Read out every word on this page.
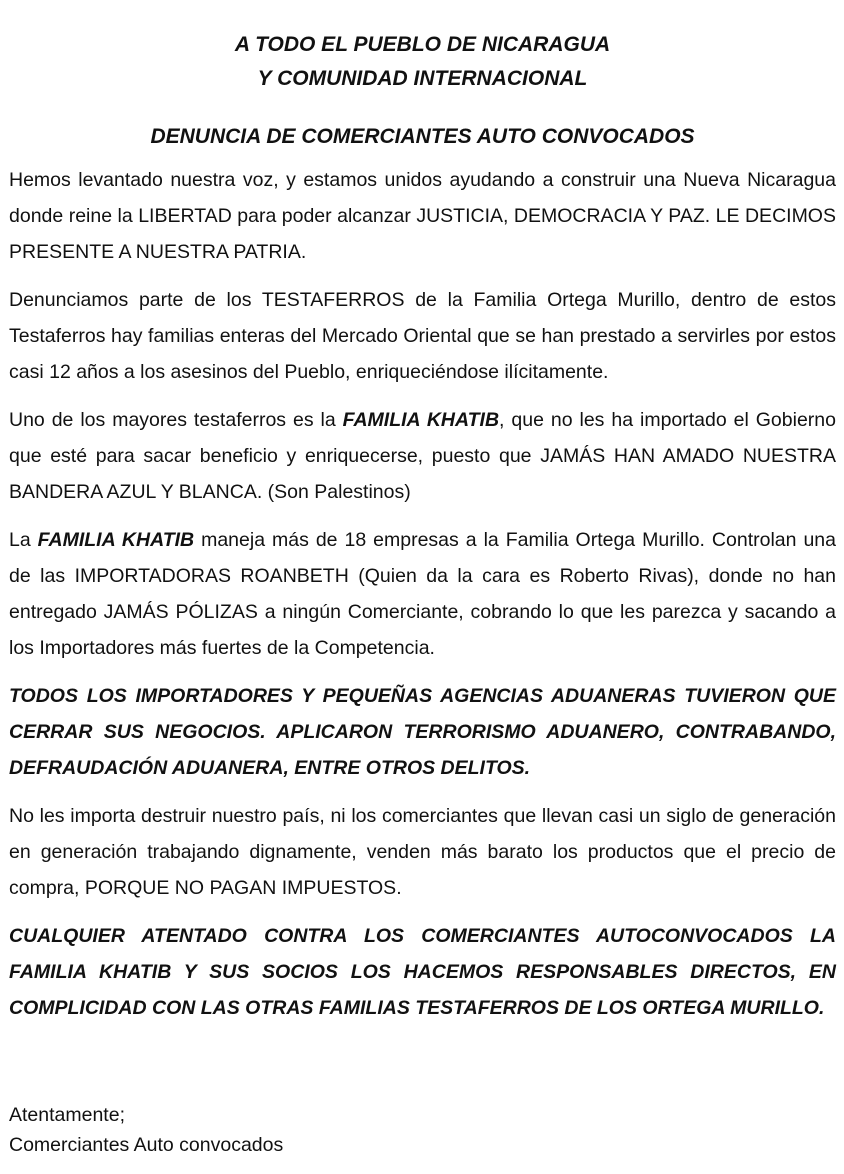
A TODO EL PUEBLO DE NICARAGUA
Y COMUNIDAD INTERNACIONAL
DENUNCIA DE COMERCIANTES AUTO CONVOCADOS

Hemos levantado nuestra voz, y estamos unidos ayudando a construir una Nueva Nicaragua donde reine la LIBERTAD para poder alcanzar JUSTICIA, DEMOCRACIA Y PAZ. LE DECIMOS PRESENTE A NUESTRA PATRIA.

Denunciamos parte de los TESTAFERROS de la Familia Ortega Murillo, dentro de estos Testaferros hay familias enteras del Mercado Oriental que se han prestado a servirles por estos casi 12 años a los asesinos del Pueblo, enriqueciéndose ilícitamente.

Uno de los mayores testaferros es la FAMILIA KHATIB, que no les ha importado el Gobierno que esté para sacar beneficio y enriquecerse, puesto que JAMÁS HAN AMADO NUESTRA BANDERA AZUL Y BLANCA. (Son Palestinos)

La FAMILIA KHATIB maneja más de 18 empresas a la Familia Ortega Murillo. Controlan una de las IMPORTADORAS ROANBETH (Quien da la cara es Roberto Rivas), donde no han entregado JAMÁS PÓLIZAS a ningún Comerciante, cobrando lo que les parezca y sacando a los Importadores más fuertes de la Competencia.

TODOS LOS IMPORTADORES Y PEQUEÑAS AGENCIAS ADUANERAS TUVIERON QUE CERRAR SUS NEGOCIOS. APLICARON TERRORISMO ADUANERO, CONTRABANDO, DEFRAUDACIÓN ADUANERA, ENTRE OTROS DELITOS.

No les importa destruir nuestro país, ni los comerciantes que llevan casi un siglo de generación en generación trabajando dignamente, venden más barato los productos que el precio de compra, PORQUE NO PAGAN IMPUESTOS.

CUALQUIER ATENTADO CONTRA LOS COMERCIANTES AUTOCONVOCADOS LA FAMILIA KHATIB Y SUS SOCIOS LOS HACEMOS RESPONSABLES DIRECTOS, EN COMPLICIDAD CON LAS OTRAS FAMILIAS TESTAFERROS DE LOS ORTEGA MURILLO.

Atentamente;
Comerciantes Auto convocados
